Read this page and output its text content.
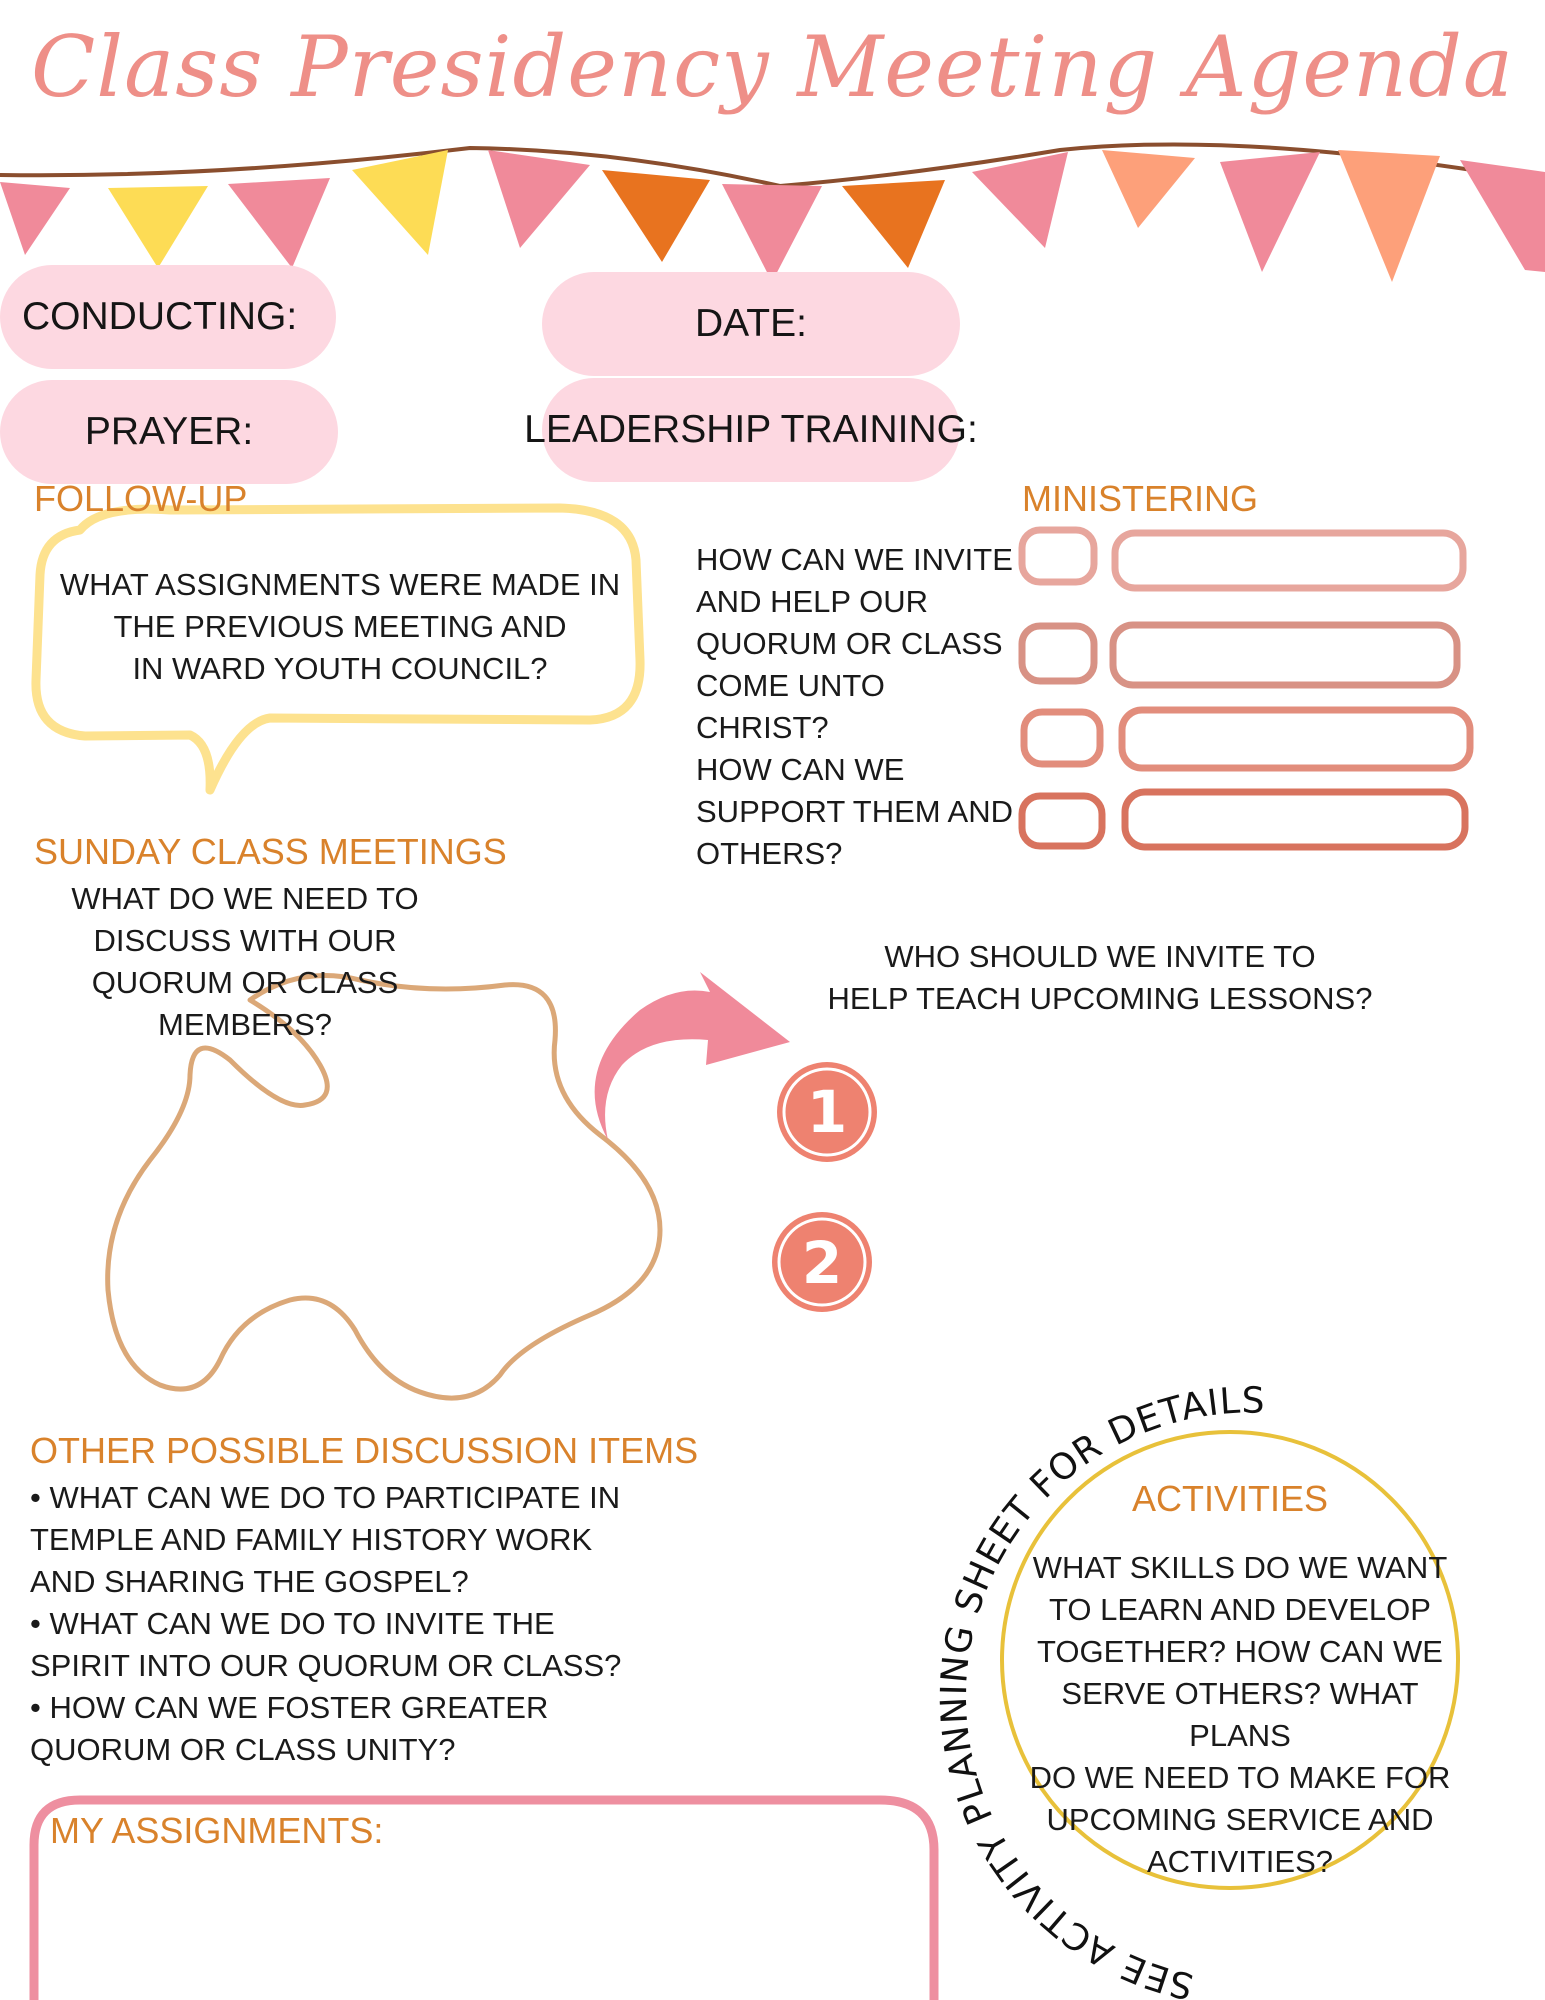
Class Presidency Meeting Agenda
CONDUCTING:	DATE:
PRAYER:	LEADERSHIP TRAINING:
SEE ACTIVITY PLANNING SHEET FOR DETAILS
1
2
FOLLOW-UP
WHAT ASSIGNMENTS WERE MADE IN
THE PREVIOUS MEETING AND
IN WARD YOUTH COUNCIL?
MINISTERING
HOW CAN WE INVITE
AND HELP OUR
QUORUM OR CLASS
COME UNTO CHRIST?
HOW CAN WE
SUPPORT THEM AND
OTHERS?
SUNDAY CLASS MEETINGS
WHAT DO WE NEED TO
DISCUSS WITH OUR
QUORUM OR CLASS
MEMBERS?
WHO SHOULD WE INVITE TO
HELP TEACH UPCOMING LESSONS?
OTHER POSSIBLE DISCUSSION ITEMS
• WHAT CAN WE DO TO PARTICIPATE IN
TEMPLE AND FAMILY HISTORY WORK
AND SHARING THE GOSPEL?
• WHAT CAN WE DO TO INVITE THE
SPIRIT INTO OUR QUORUM OR CLASS?
• HOW CAN WE FOSTER GREATER
QUORUM OR CLASS UNITY?
ACTIVITIES
WHAT SKILLS DO WE WANT
TO LEARN AND DEVELOP
TOGETHER? HOW CAN WE
SERVE OTHERS? WHAT PLANS
DO WE NEED TO MAKE FOR
UPCOMING SERVICE AND
ACTIVITIES?
MY ASSIGNMENTS:
